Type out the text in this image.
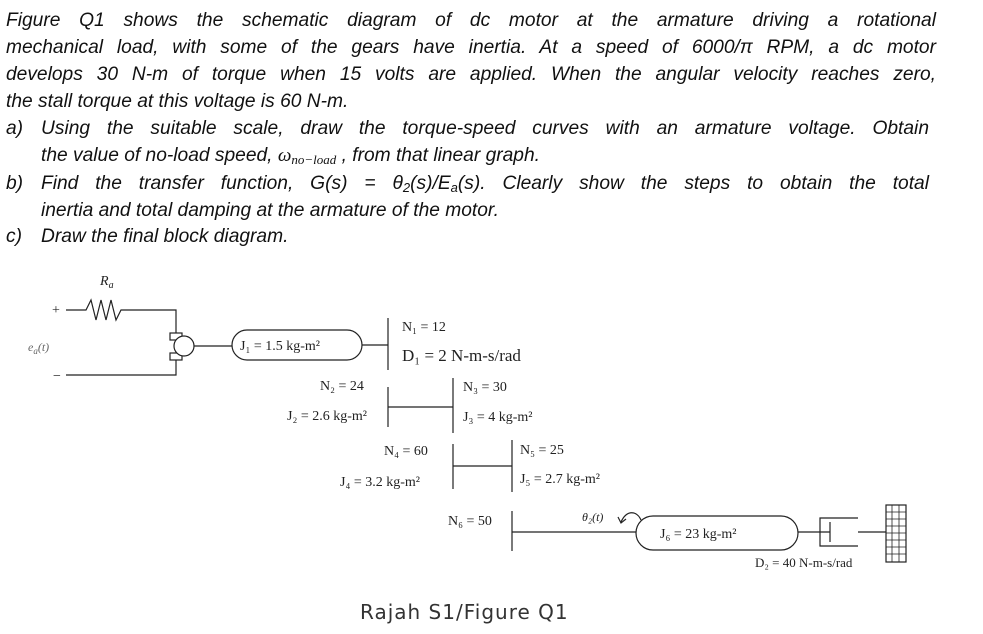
Figure Q1 shows the schematic diagram of dc motor at the armature driving a rotational
mechanical load, with some of the gears have inertia. At a speed of 6000/π RPM, a dc motor
develops 30 N-m of torque when 15 volts are applied. When the angular velocity reaches zero,
the stall torque at this voltage is 60 N-m.
a) Using the suitable scale, draw the torque-speed curves with an armature voltage. Obtain
the value of no-load speed, $\omega_{no-load}$ , from that linear graph.
b) Find the transfer function, $G(s) = \theta_2(s)/E_a(s)$. Clearly show the steps to obtain the total
inertia and total damping at the armature of the motor.
c) Draw the final block diagram.
$R_a$
+
−
$e_a(t)$	J₁ = 1.5 kg-m²
N₁ = 12
D₁ = 2 N-m-s/rad
N₂ = 24
J₂ = 2.6 kg-m²
N₃ = 30
J₃ = 4 kg-m²
N₄ = 60
J₄ = 3.2 kg-m²
N₅ = 25
J₅ = 2.7 kg-m²
N₆ = 50	θ₂(t)
J₆ = 23 kg-m²
D₂ = 40 N-m-s/rad
Rajah S1/Figure Q1
